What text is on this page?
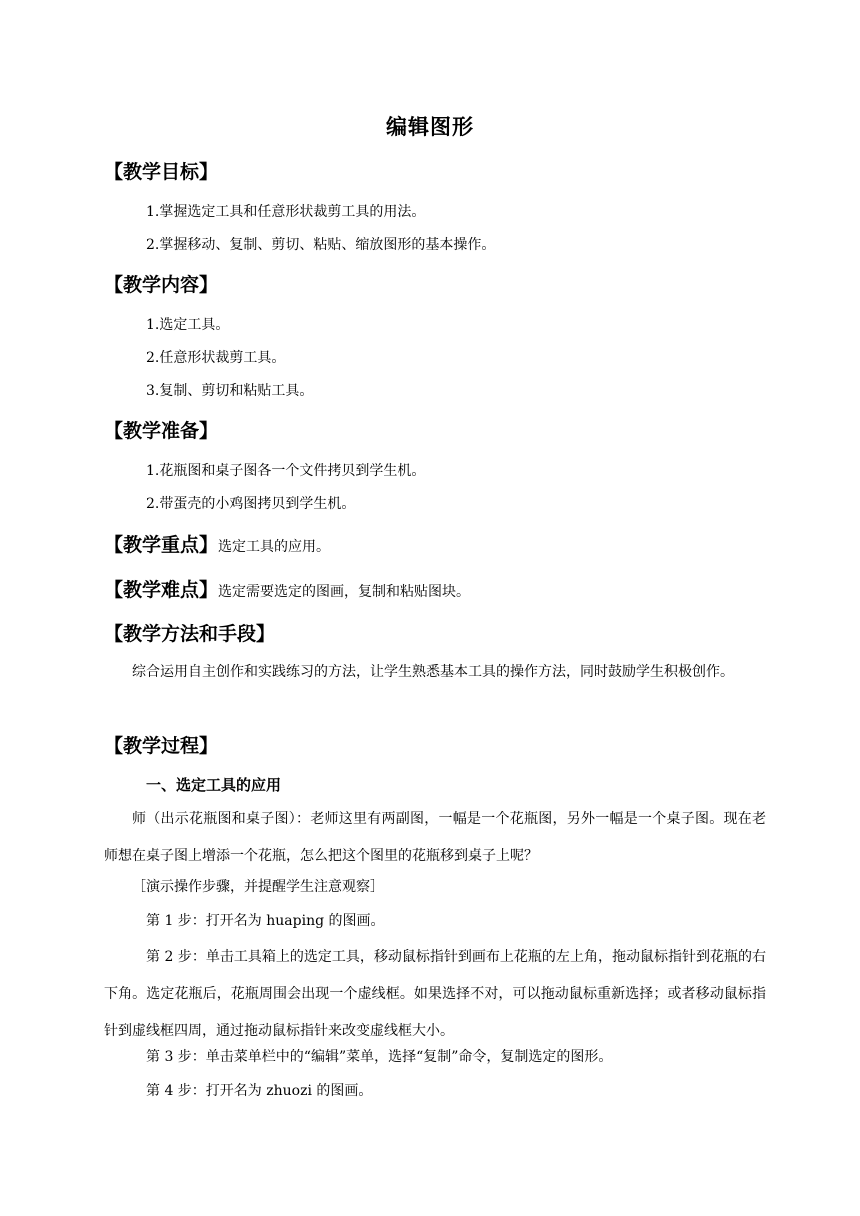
编辑图形
【教学目标】
1.掌握选定工具和任意形状裁剪工具的用法。
2.掌握移动、复制、剪切、粘贴、缩放图形的基本操作。
【教学内容】
1.选定工具。
2.任意形状裁剪工具。
3.复制、剪切和粘贴工具。
【教学准备】
1.花瓶图和桌子图各一个文件拷贝到学生机。
2.带蛋壳的小鸡图拷贝到学生机。
【教学重点】选定工具的应用。
【教学难点】选定需要选定的图画，复制和粘贴图块。
【教学方法和手段】
综合运用自主创作和实践练习的方法，让学生熟悉基本工具的操作方法，同时鼓励学生积极创作。
【教学过程】
一、选定工具的应用
师（出示花瓶图和桌子图）：老师这里有两副图，一幅是一个花瓶图，另外一幅是一个桌子图。现在老师想在桌子图上增添一个花瓶，怎么把这个图里的花瓶移到桌子上呢？
［演示操作步骤，并提醒学生注意观察］
第 1 步：打开名为 huaping 的图画。
第 2 步：单击工具箱上的选定工具，移动鼠标指针到画布上花瓶的左上角，拖动鼠标指针到花瓶的右下角。选定花瓶后，花瓶周围会出现一个虚线框。如果选择不对，可以拖动鼠标重新选择；或者移动鼠标指针到虚线框四周，通过拖动鼠标指针来改变虚线框大小。
第 3 步：单击菜单栏中的“编辑”菜单，选择“复制”命令，复制选定的图形。
第 4 步：打开名为 zhuozi 的图画。
